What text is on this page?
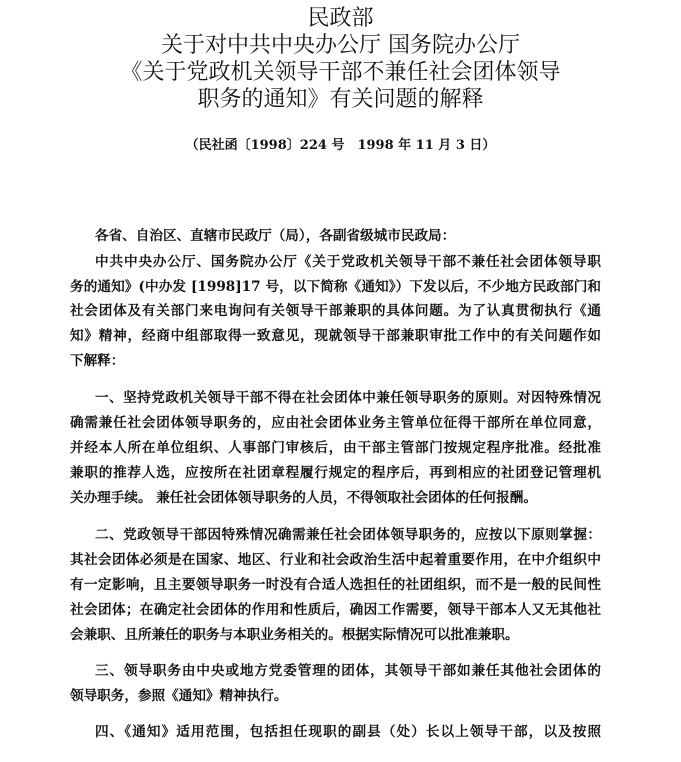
民政部
关于对中共中央办公厅 国务院办公厅
《关于党政机关领导干部不兼任社会团体领导
职务的通知》有关问题的解释
（民社函〔1998〕224 号　1998 年 11 月 3 日）
各省、自治区、直辖市民政厅（局），各副省级城市民政局：
中共中央办公厅、国务院办公厅《关于党政机关领导干部不兼任社会团体领导职
务的通知》(中办发 [1998]17 号，以下简称《通知》）下发以后，不少地方民政部门和
社会团体及有关部门来电询问有关领导干部兼职的具体问题。为了认真贯彻执行《通
知》精神，经商中组部取得一致意见，现就领导干部兼职审批工作中的有关问题作如
下解释：
一、坚持党政机关领导干部不得在社会团体中兼任领导职务的原则。对因特殊情况
确需兼任社会团体领导职务的，应由社会团体业务主管单位征得干部所在单位同意，
并经本人所在单位组织、人事部门审核后，由干部主管部门按规定程序批准。经批准
兼职的推荐人选，应按所在社团章程履行规定的程序后，再到相应的社团登记管理机
关办理手续。 兼任社会团体领导职务的人员，不得领取社会团体的任何报酬。
二、党政领导干部因特殊情况确需兼任社会团体领导职务的，应按以下原则掌握：
其社会团体必须是在国家、地区、行业和社会政治生活中起着重要作用，在中介组织中
有一定影响，且主要领导职务一时没有合适人选担任的社团组织，而不是一般的民间性
社会团体；在确定社会团体的作用和性质后，确因工作需要，领导干部本人又无其他社
会兼职、且所兼任的职务与本职业务相关的。根据实际情况可以批准兼职。
三、领导职务由中央或地方党委管理的团体，其领导干部如兼任其他社会团体的
领导职务，参照《通知》精神执行。
四、《通知》适用范围，包括担任现职的副县（处）长以上领导干部，以及按照
